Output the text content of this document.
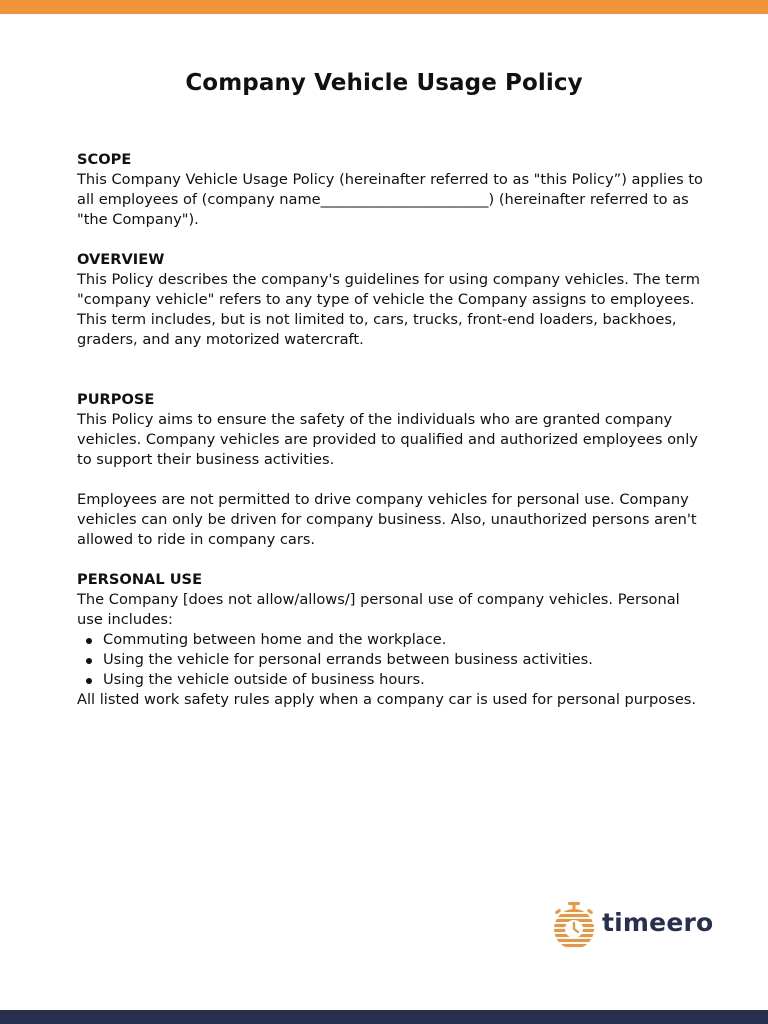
Company Vehicle Usage Policy

SCOPE

This Company Vehicle Usage Policy (hereinafter referred to as "this Policy”) applies to all employees of (company name_______________________) (hereinafter referred to as "the Company").

OVERVIEW

This Policy describes the company's guidelines for using company vehicles. The term "company vehicle" refers to any type of vehicle the Company assigns to employees. This term includes, but is not limited to, cars, trucks, front-end loaders, backhoes, graders, and any motorized watercraft.

PURPOSE

This Policy aims to ensure the safety of the individuals who are granted company vehicles. Company vehicles are provided to qualified and authorized employees only to support their business activities.

Employees are not permitted to drive company vehicles for personal use. Company vehicles can only be driven for company business. Also, unauthorized persons aren't allowed to ride in company cars.

PERSONAL USE

The Company [does not allow/allows/] personal use of company vehicles. Personal use includes:

Commuting between home and the workplace.
Using the vehicle for personal errands between business activities.
Using the vehicle outside of business hours.

All listed work safety rules apply when a company car is used for personal purposes.

timeero
